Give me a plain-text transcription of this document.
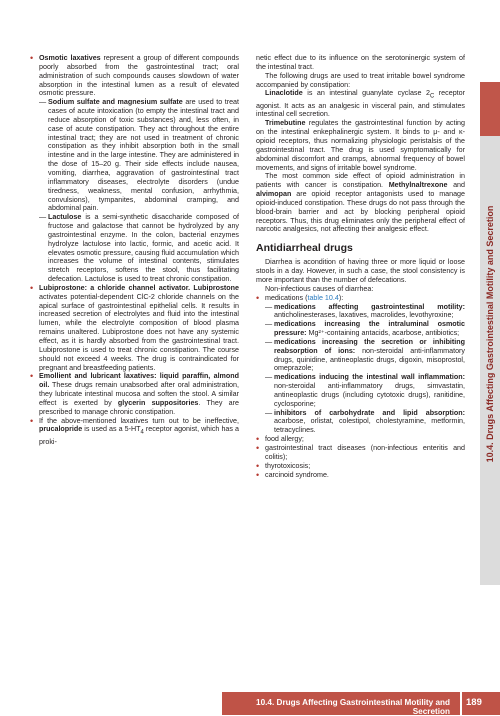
• Osmotic laxatives represent a group of different compounds poorly absorbed from the gastrointestinal tract; oral administration of such compounds causes slowdown of water absorption in the intestinal lumen as a result of elevated osmotic pressure.
— Sodium sulfate and magnesium sulfate are used to treat cases of acute intoxication (to empty the intestinal tract and reduce absorption of toxic substances) and, less often, in case of acute constipation. They act throughout the entire intestinal tract; they are not used in treatment of chronic constipation as they inhibit absorption both in the small intestine and in the large intestine. They are administered in the dose of 15–20 g. Their side effects include nausea, vomiting, diarrhea, aggravation of gastrointestinal tract inflammatory diseases, electrolyte disorders (undue tiredness, weakness, mental confusion, arrhythmia, convulsions), tympanites, abdominal cramping, and abdominal pain.
— Lactulose is a semi-synthetic disaccharide composed of fructose and galactose that cannot be hydrolyzed by any gastrointestinal enzyme. In the colon, bacterial enzymes hydrolyze lactulose into lactic, formic, and acetic acid. It elevates osmotic pressure, causing fluid accumulation which increases the volume of intestinal contents, stimulates stretch receptors, softens the stool, thus facilitating defecation. Lactulose is used to treat chronic constipation.
• Lubiprostone: a chloride channel activator. Lubiprostone activates potential-dependent ClC-2 chloride channels on the apical surface of gastrointestinal epithelial cells. It results in increased secretion of electrolytes and fluid into the intestinal lumen, while the electrolyte composition of blood plasma remains unaltered. Lubiprostone does not have any systemic effect, as it is hardly absorbed from the gastrointestinal tract. Lubiprostone is used to treat chronic constipation. The course should not exceed 4 weeks. The drug is contraindicated for pregnant and breastfeeding patients.
• Emollient and lubricant laxatives: liquid paraffin, almond oil. These drugs remain unabsorbed after oral administration, they lubricate intestinal mucosa and soften the stool. A similar effect is exerted by glycerin suppositories. They are prescribed to manage chronic constipation.
• If the above-mentioned laxatives turn out to be ineffective, prucalopride is used as a $5-HT_4$ receptor agonist, which has a proki-

netic effect due to its influence on the serotoninergic system of the intestinal tract.

The following drugs are used to treat irritable bowel syndrome accompanied by constipation:

Linaclotide is an intestinal guanylate cyclase $2_C$ receptor agonist. It acts as an analgesic in visceral pain, and stimulates intestinal cell secretion.

Trimebutine regulates the gastrointestinal function by acting on the intestinal enkephalinergic system. It binds to μ- and κ- opioid receptors, thus normalizing physiologic peristalsis of the gastrointestinal tract. The drug is used symptomatically for abdominal discomfort and cramps, abnormal frequency of bowel movements, and signs of irritable bowel syndrome.

The most common side effect of opioid administration in patients with cancer is constipation. Methylnaltrexone and alvimopan are opioid receptor antagonists used to manage opioid-induced constipation. These drugs do not pass through the blood-brain barrier and act by blocking peripheral opioid receptors. Thus, this drug eliminates only the peripheral effect of narcotic analgesics, not affecting their analgesic effect.

Antidiarrheal drugs

Diarrhea is acondition of having three or more liquid or loose stools in a day. However, in such a case, the stool consistency is more important than the number of defecations.

Non-infectious causes of diarrhea:

• medications (table 10.4):
— medications affecting gastrointestinal motility: anticholinesterases, laxatives, macrolides, levothyroxine;
— medications increasing the intraluminal osmotic pressure: Mg²⁺-containing antacids, acarbose, antibiotics;
— medications increasing the secretion or inhibiting reabsorption of ions: non-steroidal anti-inflammatory drugs, quinidine, antineoplastic drugs, digoxin, misoprostol, omeprazole;
— medications inducing the intestinal wall inflammation: non-steroidal anti-inflammatory drugs, simvastatin, antineoplastic drugs (including cytotoxic drugs), ranitidine, cyclosporine;
— inhibitors of carbohydrate and lipid absorption: acarbose, orlistat, colestipol, cholestyramine, metformin, tetracyclines.
• food allergy;
• gastrointestinal tract diseases (non-infectious enteritis and colitis);
• thyrotoxicosis;
• carcinoid syndrome.
10.4. Drugs Affecting Gastrointestinal Motility and Secretion
10.4. Drugs Affecting Gastrointestinal Motility and Secretion
189
